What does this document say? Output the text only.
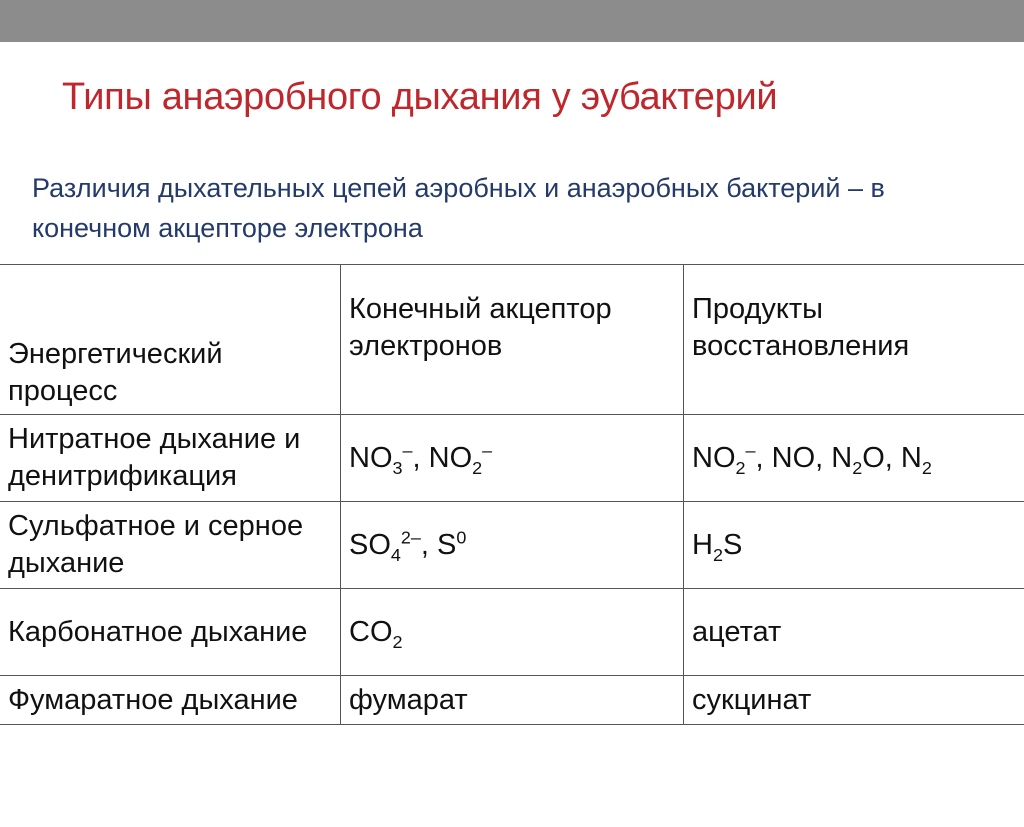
Типы анаэробного дыхания у эубактерий
Различия дыхательных цепей аэробных и анаэробных бактерий – в конечном акцепторе электрона
Энергетический процесс	Конечный акцептор электронов	Продукты восстановления
Нитратное дыхание и денитрификация	$NO_3^-$, $NO_2^-$	$NO_2^-$, NO, $N_2O$, $N_2$
Сульфатное и серное дыхание	$SO_4^{2-}$, $S^0$	$H_2S$
Карбонатное дыхание	$CO_2$	ацетат
Фумаратное дыхание	фумарат	сукцинат
